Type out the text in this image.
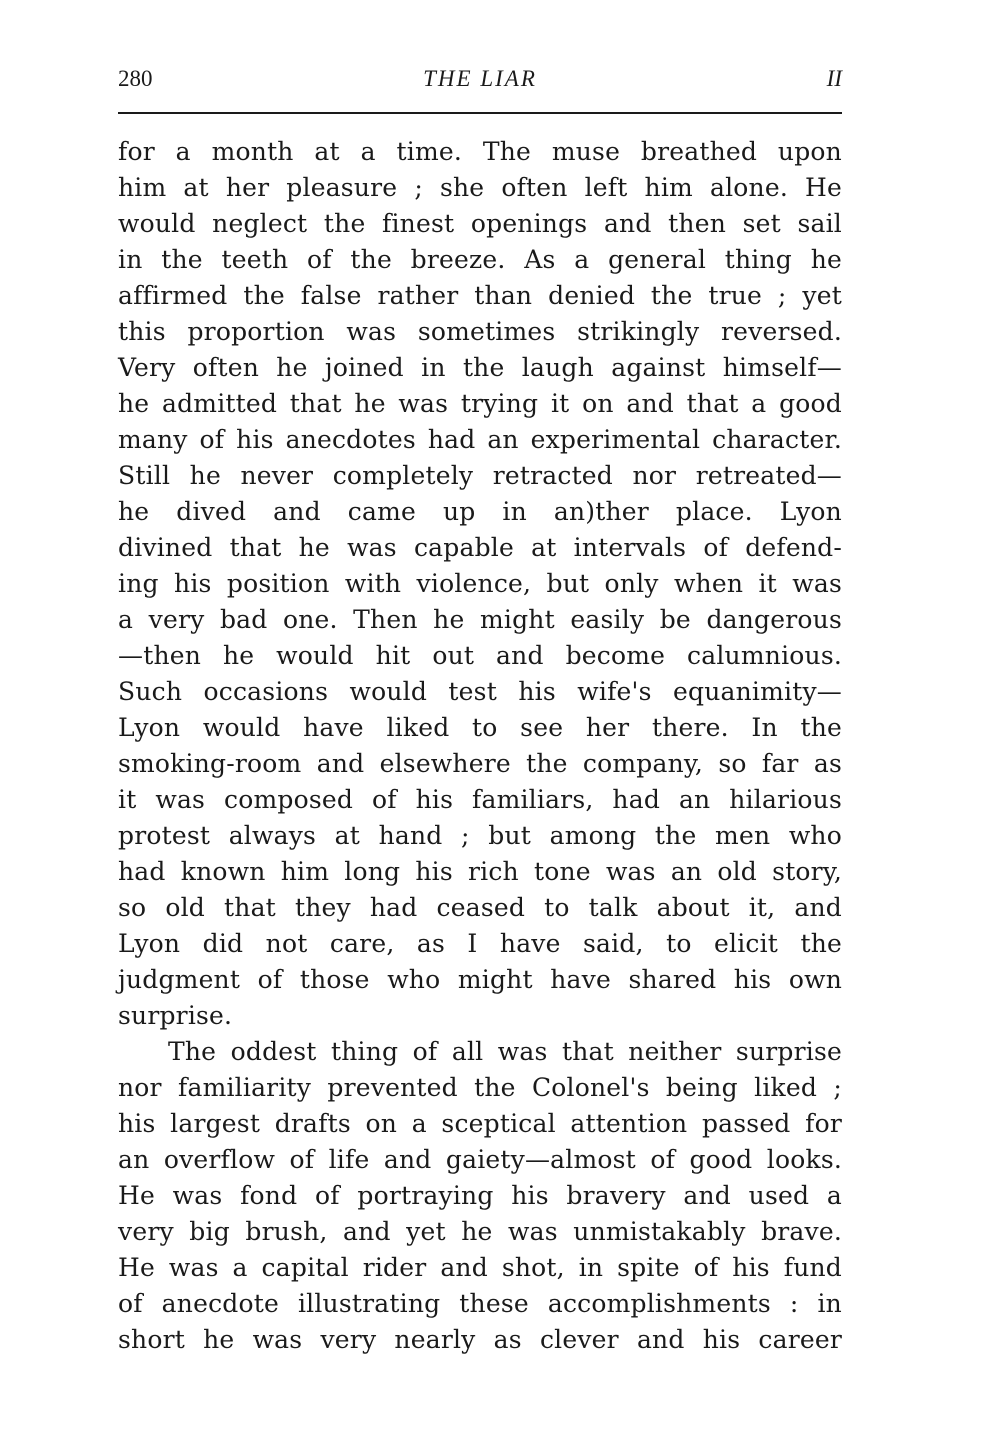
280	THE LIAR	II
for a month at a time. The muse breathed upon
him at her pleasure ; she often left him alone. He
would neglect the finest openings and then set sail
in the teeth of the breeze. As a general thing he
affirmed the false rather than denied the true ; yet
this proportion was sometimes strikingly reversed.
Very often he joined in the laugh against himself—
he admitted that he was trying it on and that a good
many of his anecdotes had an experimental character.
Still he never completely retracted nor retreated—
he dived and came up in an)ther place. Lyon
divined that he was capable at intervals of defend-
ing his position with violence, but only when it was
a very bad one. Then he might easily be dangerous
—then he would hit out and become calumnious.
Such occasions would test his wife's equanimity—
Lyon would have liked to see her there. In the
smoking-room and elsewhere the company, so far as
it was composed of his familiars, had an hilarious
protest always at hand ; but among the men who
had known him long his rich tone was an old story,
so old that they had ceased to talk about it, and
Lyon did not care, as I have said, to elicit the
judgment of those who might have shared his own
surprise.
The oddest thing of all was that neither surprise
nor familiarity prevented the Colonel's being liked ;
his largest drafts on a sceptical attention passed for
an overflow of life and gaiety—almost of good looks.
He was fond of portraying his bravery and used a
very big brush, and yet he was unmistakably brave.
He was a capital rider and shot, in spite of his fund
of anecdote illustrating these accomplishments : in
short he was very nearly as clever and his career
